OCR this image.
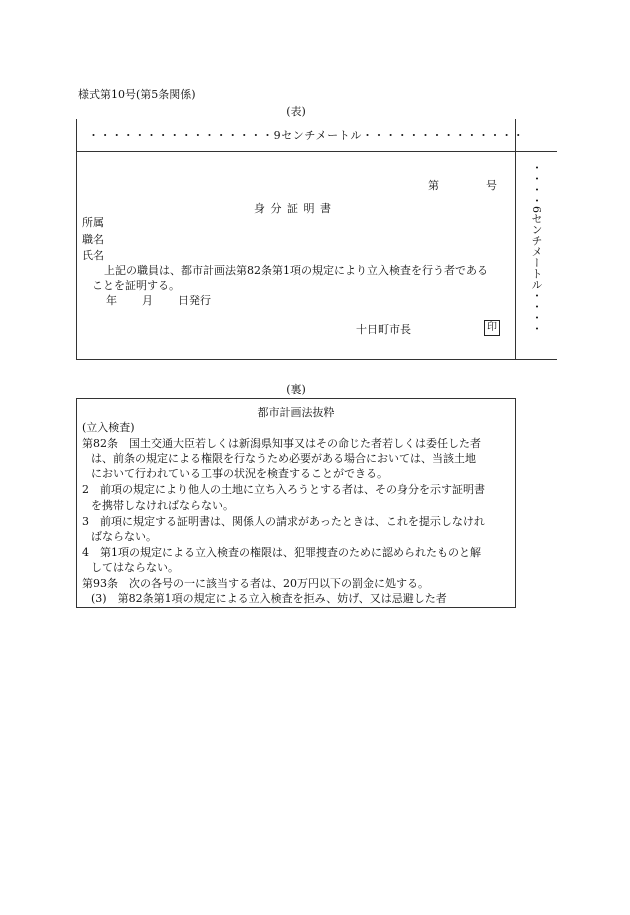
様式第10号(第5条関係)
(表)
・・・・・・・・・・・・・・・・9センチメートル・・・・・・・・・・・・・・
・・・・6センチメートル・・・・
第	号
身 分 証 明 書
所属
職名
氏名
上記の職員は、都市計画法第82条第1項の規定により立入検査を行う者である
ことを証明する。
年 月 日発行
十日町市長	印
(裏)
都市計画法抜粋
(立入検査)
第82条　国土交通大臣若しくは新潟県知事又はその命じた者若しくは委任した者
は、前条の規定による権限を行なうため必要がある場合においては、当該土地
において行われている工事の状況を検査することができる。
2　前項の規定により他人の土地に立ち入ろうとする者は、その身分を示す証明書
を携帯しなければならない。
3　前項に規定する証明書は、関係人の請求があったときは、これを提示しなけれ
ばならない。
4　第1項の規定による立入検査の権限は、犯罪捜査のために認められたものと解
してはならない。
第93条　次の各号の一に該当する者は、20万円以下の罰金に処する。
(3)　第82条第1項の規定による立入検査を拒み、妨げ、又は忌避した者
